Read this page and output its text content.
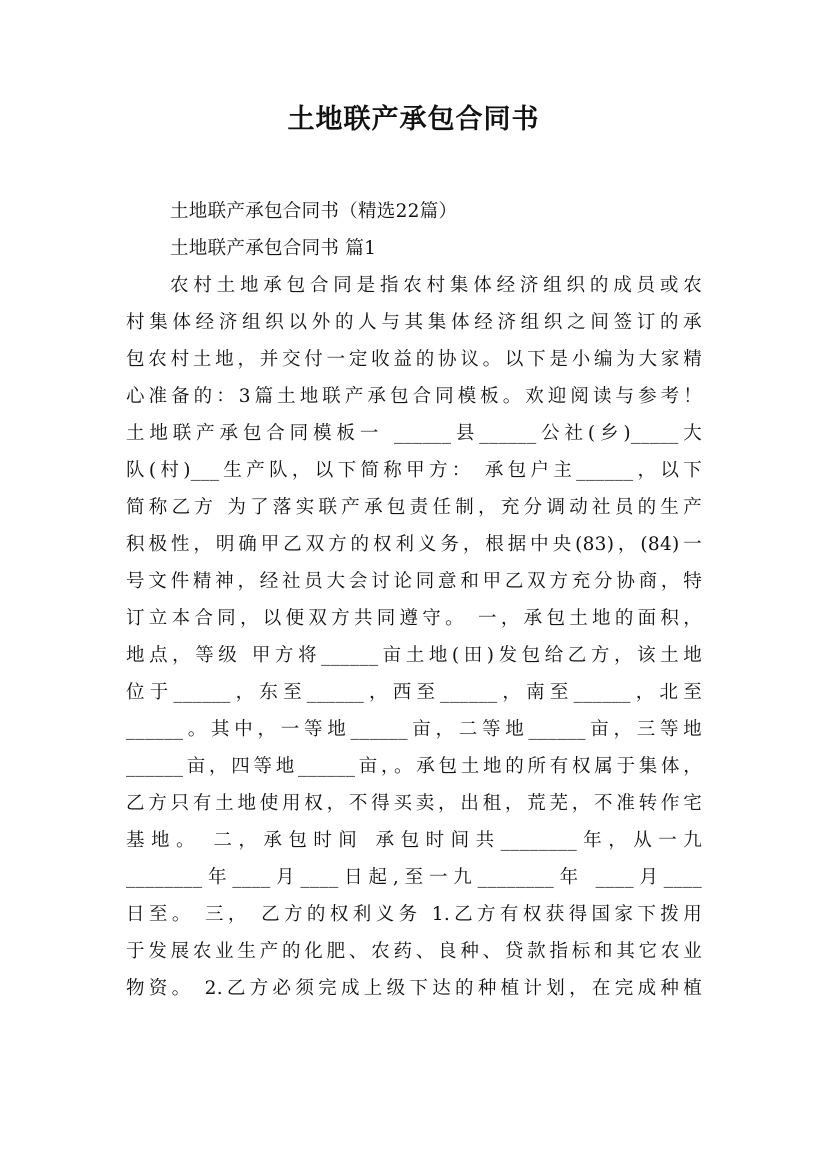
土地联产承包合同书
土地联产承包合同书（精选22篇）
土地联产承包合同书 篇1
农村土地承包合同是指农村集体经济组织的成员或农
村集体经济组织以外的人与其集体经济组织之间签订的承
包农村土地，并交付一定收益的协议。以下是小编为大家精
心准备的：3篇土地联产承包合同模板。欢迎阅读与参考！
土地联产承包合同模板一 ______县______公社(乡)_____大
队(村)___生产队，以下简称甲方： 承包户主______，以下
简称乙方 为了落实联产承包责任制，充分调动社员的生产
积极性，明确甲乙双方的权利义务，根据中央(83)，(84)一
号文件精神，经社员大会讨论同意和甲乙双方充分协商，特
订立本合同，以便双方共同遵守。 一，承包土地的面积，
地点，等级 甲方将______亩土地(田)发包给乙方，该土地
位于______，东至______，西至______，南至______，北至
______。其中，一等地______亩，二等地______亩，三等地
______亩，四等地______亩，。承包土地的所有权属于集体，
乙方只有土地使用权，不得买卖，出租，荒芜，不准转作宅
基地。 二，承包时间 承包时间共________年，从一九
________年____月____日起,至一九________年 ____月____
日至。 三， 乙方的权利义务 1.乙方有权获得国家下拨用
于发展农业生产的化肥、农药、良种、贷款指标和其它农业
物资。 2.乙方必须完成上级下达的种植计划，在完成种植
